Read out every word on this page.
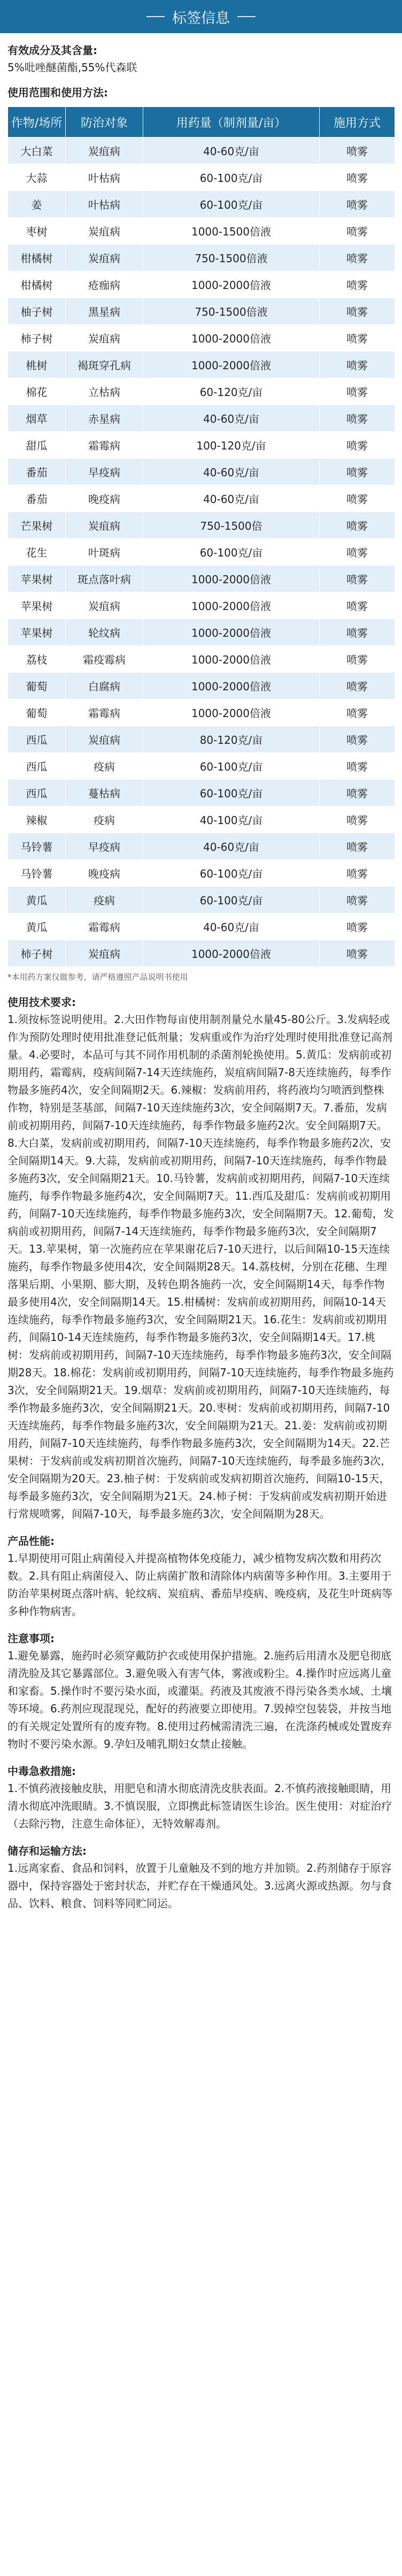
标签信息
有效成分及其含量:
5%吡唑醚菌酯,55%代森联
使用范围和使用方法:
作物/场所	防治对象	用药量（制剂量/亩）	施用方式
大白菜	炭疽病	40-60克/亩	喷雾
大蒜	叶枯病	60-100克/亩	喷雾
姜	叶枯病	60-100克/亩	喷雾
枣树	炭疽病	1000-1500倍液	喷雾
柑橘树	炭疽病	750-1500倍液	喷雾
柑橘树	疮痂病	1000-2000倍液	喷雾
柚子树	黑星病	750-1500倍液	喷雾
柿子树	炭疽病	1000-2000倍液	喷雾
桃树	褐斑穿孔病	1000-2000倍液	喷雾
棉花	立枯病	60-120克/亩	喷雾
烟草	赤星病	40-60克/亩	喷雾
甜瓜	霜霉病	100-120克/亩	喷雾
番茄	早疫病	40-60克/亩	喷雾
番茄	晚疫病	40-60克/亩	喷雾
芒果树	炭疽病	750-1500倍	喷雾
花生	叶斑病	60-100克/亩	喷雾
苹果树	斑点落叶病	1000-2000倍液	喷雾
苹果树	炭疽病	1000-2000倍液	喷雾
苹果树	轮纹病	1000-2000倍液	喷雾
荔枝	霜疫霉病	1000-2000倍液	喷雾
葡萄	白腐病	1000-2000倍液	喷雾
葡萄	霜霉病	1000-2000倍液	喷雾
西瓜	炭疽病	80-120克/亩	喷雾
西瓜	疫病	60-100克/亩	喷雾
西瓜	蔓枯病	60-100克/亩	喷雾
辣椒	疫病	40-100克/亩	喷雾
马铃薯	早疫病	40-60克/亩	喷雾
马铃薯	晚疫病	60-100克/亩	喷雾
黄瓜	疫病	60-100克/亩	喷雾
黄瓜	霜霉病	40-60克/亩	喷雾
柿子树	炭疽病	1000-2000倍液	喷雾
*本用药方案仅做参考，请严格遵照产品说明书使用
使用技术要求:
1.须按标签说明使用。2.大田作物每亩使用制剂量兑水量45-80公斤。3.发病轻或作为预防处理时使用批准登记低剂量；发病重或作为治疗处理时使用批准登记高剂量。4.必要时，本品可与其不同作用机制的杀菌剂轮换使用。5.黄瓜：发病前或初期用药，霜霉病，疫病间隔7-14天连续施药，炭疽病间隔7-8天连续施药，每季作物最多施药4次，安全间隔期2天。6.辣椒：发病前用药，将药液均匀喷洒到整株作物，特别是茎基部，间隔7-10天连续施药3次，安全间隔期7天。7.番茄，发病前或初期用药，间隔7-10天连续施药，每季作物最多施药2次。安全间隔期7天。8.大白菜，发病前或初期用药，间隔7-10天连续施药，每季作物最多施药2次，安全间隔期14天。9.大蒜，发病前或初期用药，间隔7-10天连续施药，每季作物最多施药3次，安全间隔期21天。10.马铃薯，发病前或初期用药，间隔7-10天连续施药，每季作物最多施药4次，安全间隔期7天。11.西瓜及甜瓜：发病前或初期用药，间隔7-10天连续施药，每季作物最多施药3次，安全间隔期7天。12.葡萄，发病前或初期用药，间隔7-14天连续施药，每季作物最多施药3次，安全间隔期7天。13.苹果树，第一次施药应在苹果谢花后7-10天进行，以后间隔10-15天连续施药，每季作物最多使用4次，安全间隔期28天。14.荔枝树，分别在花穗、生理落果后期、小果期、膨大期，及转色期各施药一次，安全间隔期14天，每季作物最多使用4次，安全间隔期14天。15.柑橘树：发病前或初期用药，间隔10-14天连续施药，每季作物最多施药3次，安全间隔期21天。16.花生：发病前或初期用药，间隔10-14天连续施药，每季作物最多施药3次，安全间隔期14天。17.桃树：发病前或初期用药，间隔7-10天连续施药，每季作物最多施药3次，安全间隔期28天。18.棉花：发病前或初期用药，间隔7-10天连续施药，每季作物最多施药3次，安全间隔期21天。19.烟草：发病前或初期用药，间隔7-10天连续施药，每季作物最多施药3次，安全间隔期21天。20.枣树：发病前或初期用药，间隔7-10天连续施药，每季作物最多施药3次，安全间隔期为21天。21.姜：发病前或初期用药，间隔7-10天连续施药，每季作物最多施药3次，安全间隔期为14天。22.芒果树：于发病前或发病初期首次施药，间隔7-10天连续施药，每季最多施药3次，安全间隔期为20天。23.柚子树：于发病前或发病初期首次施药，间隔10-15天，每季最多施药3次，安全间隔期为21天。24.柿子树：于发病前或发病初期开始进行常规喷雾，间隔7-10天，每季最多施药3次，安全间隔期为28天。
产品性能:
1.早期使用可阻止病菌侵入并提高植物体免疫能力，减少植物发病次数和用药次数。2.具有阻止病菌侵入、防止病菌扩散和清除体内病菌等多种作用。3.主要用于防治苹果树斑点落叶病、轮纹病、炭疽病、番茄早疫病、晚疫病，及花生叶斑病等多种作物病害。
注意事项:
1.避免暴露，施药时必须穿戴防护衣或使用保护措施。2.施药后用清水及肥皂彻底清洗脸及其它暴露部位。3.避免吸入有害气体，雾液或粉尘。4.操作时应远离儿童和家畜。5.操作时不要污染水面，或灌渠。药液及其废液不得污染各类水域、土壤等环境。6.药剂应现混现兑，配好的药液要立即使用。7.毁掉空包装袋，并按当地的有关规定处置所有的废弃物。8.使用过药械需清洗三遍，在洗涤药械或处置废弃物时不要污染水源。9.孕妇及哺乳期妇女禁止接触。
中毒急救措施:
1.不慎药液接触皮肤，用肥皂和清水彻底清洗皮肤表面。2.不慎药液接触眼睛，用清水彻底冲洗眼睛。3.不慎误服，立即携此标签请医生诊治。医生使用：对症治疗（去除污物，注意生命体征），无特效解毒剂。
储存和运输方法:
1.远离家畜、食品和饲料，放置于儿童触及不到的地方并加锁。2.药剂储存于原容器中，保持容器处于密封状态，并贮存在干燥通风处。3.远离火源或热源。勿与食品、饮料、粮食、饲料等同贮同运。
